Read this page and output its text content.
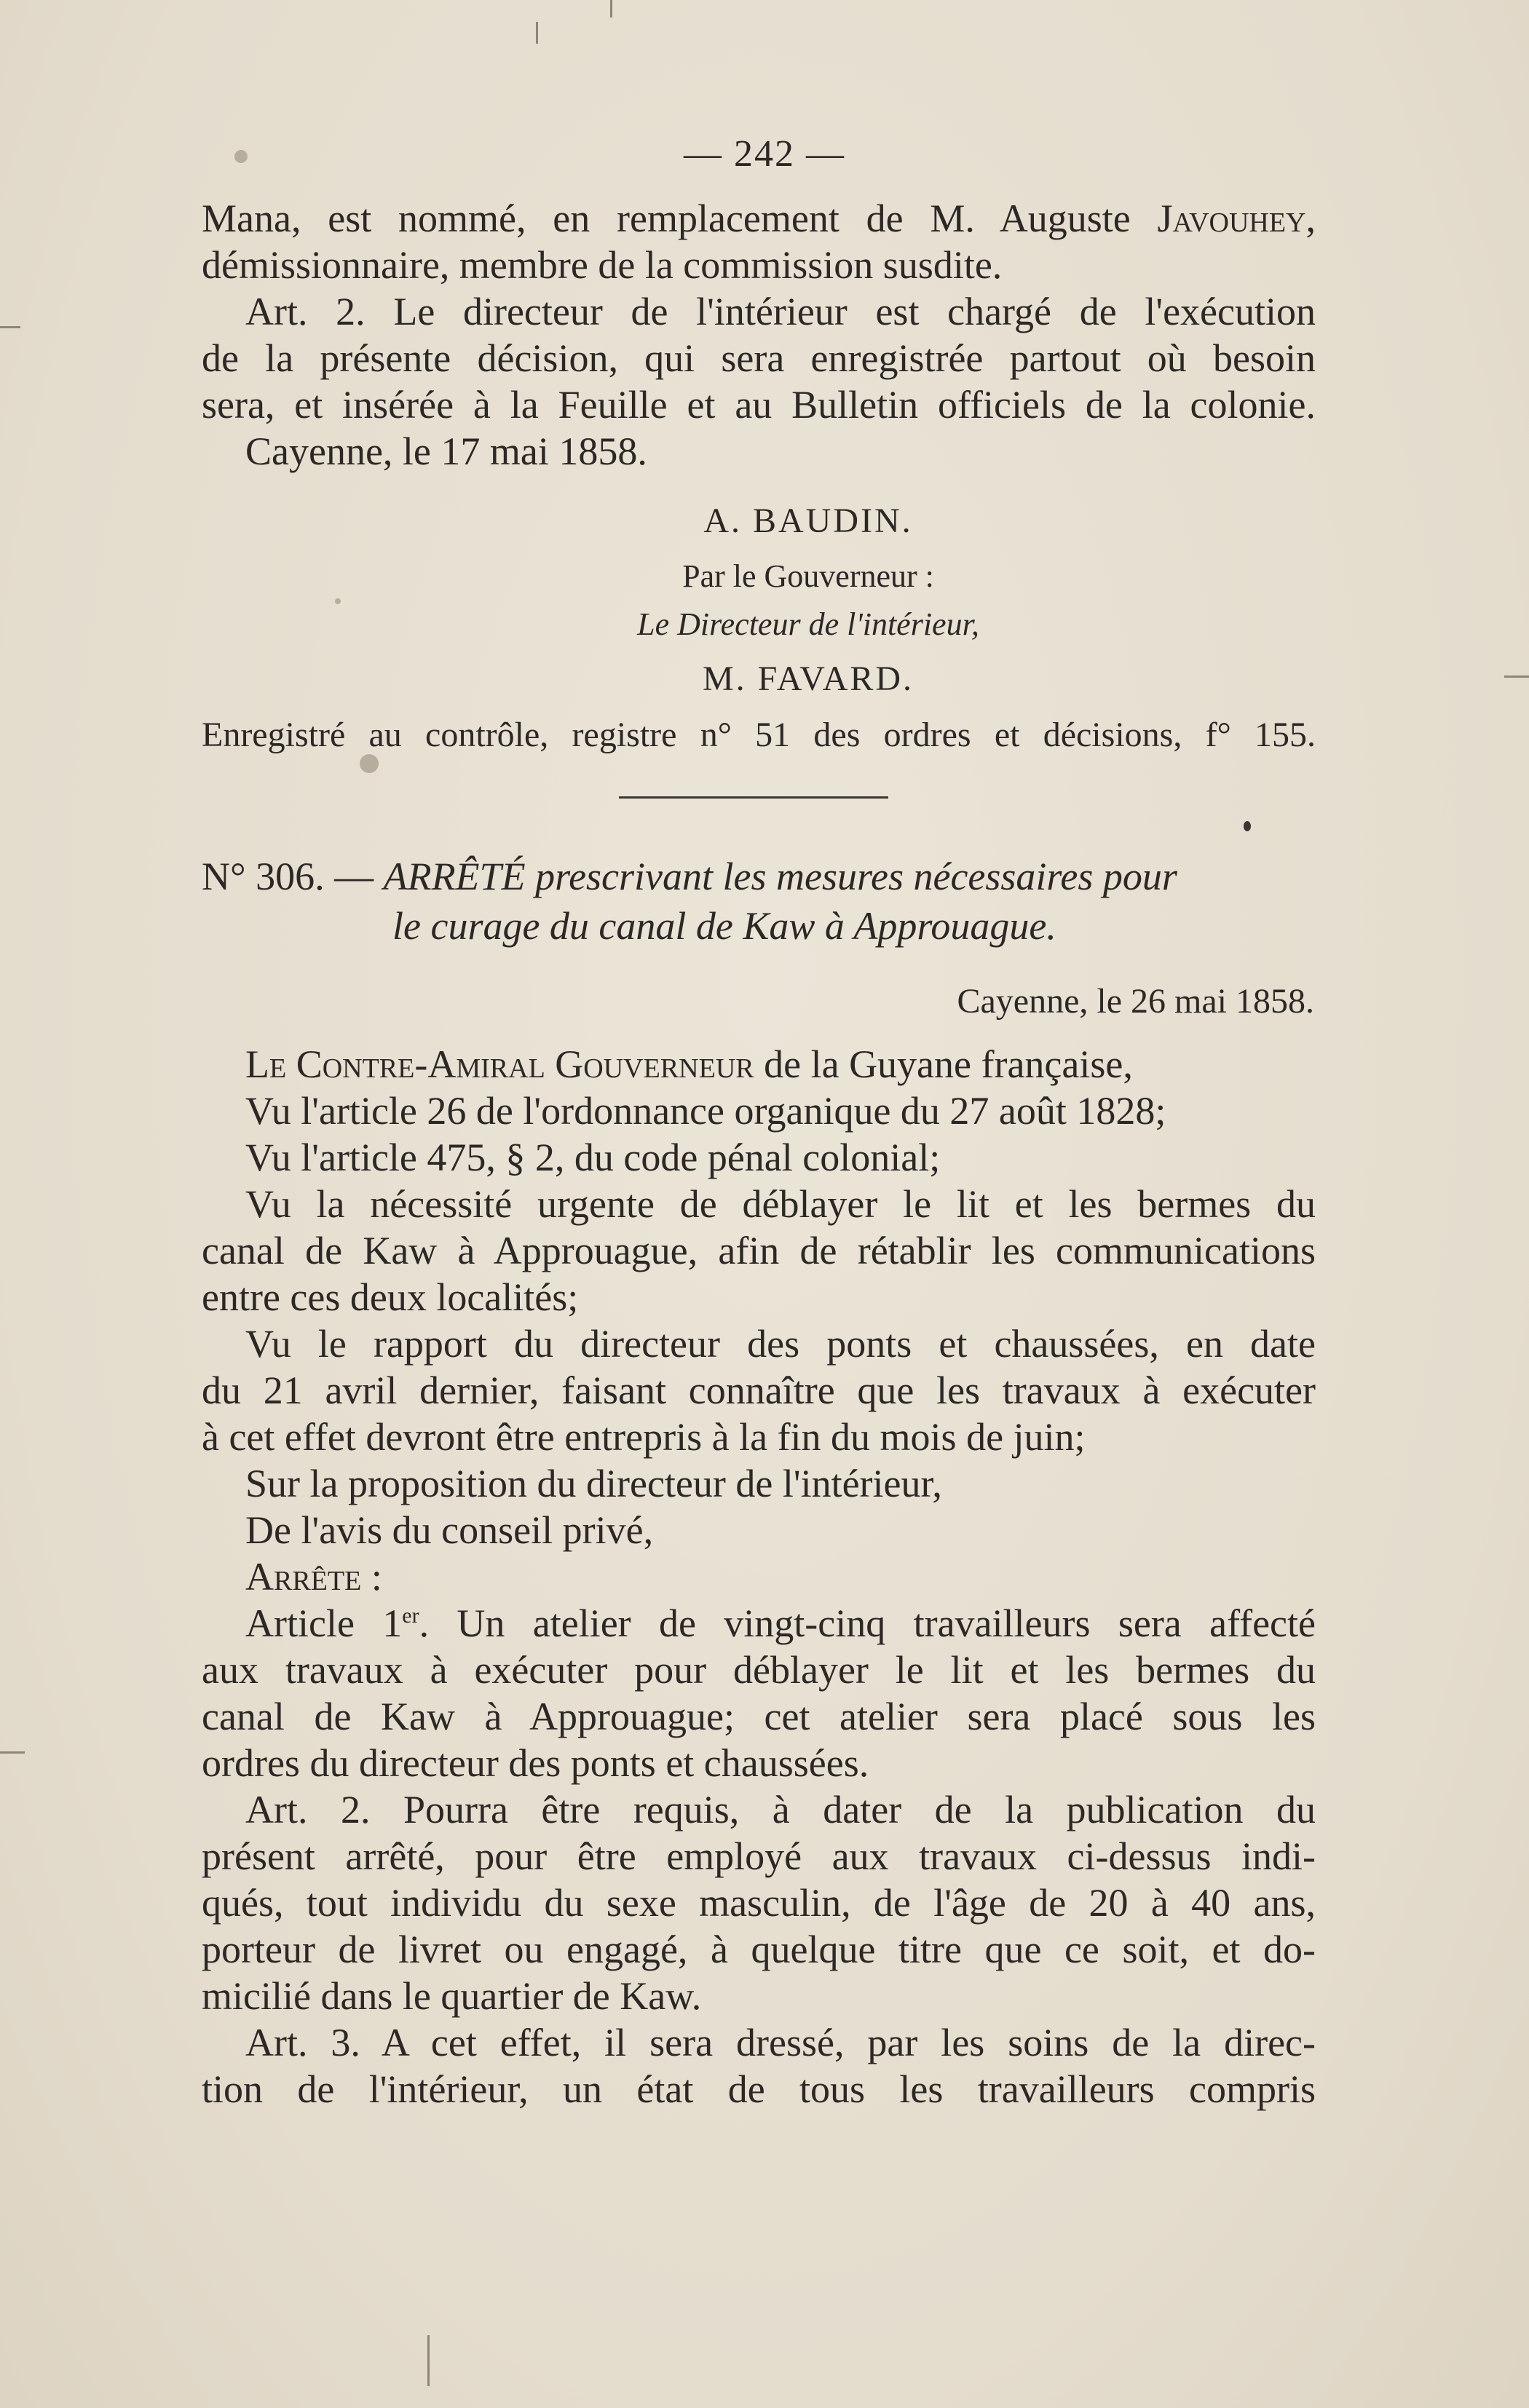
— 242 —
Mana, est nommé, en remplacement de M. Auguste Javouhey,
démissionnaire, membre de la commission susdite.
Art. 2. Le directeur de l'intérieur est chargé de l'exécution
de la présente décision, qui sera enregistrée partout où besoin
sera, et insérée à la Feuille et au Bulletin officiels de la colonie.
Cayenne, le 17 mai 1858.
A. BAUDIN.
Par le Gouverneur :
Le Directeur de l'intérieur,
M. FAVARD.
Enregistré au contrôle, registre n° 51 des ordres et décisions, f° 155.
N° 306. — ARRÊTÉ prescrivant les mesures nécessaires pour
le curage du canal de Kaw à Approuague.
Cayenne, le 26 mai 1858.
Le Contre-Amiral Gouverneur de la Guyane française,
Vu l'article 26 de l'ordonnance organique du 27 août 1828;
Vu l'article 475, § 2, du code pénal colonial;
Vu la nécessité urgente de déblayer le lit et les bermes du
canal de Kaw à Approuague, afin de rétablir les communications
entre ces deux localités;
Vu le rapport du directeur des ponts et chaussées, en date
du 21 avril dernier, faisant connaître que les travaux à exécuter
à cet effet devront être entrepris à la fin du mois de juin;
Sur la proposition du directeur de l'intérieur,
De l'avis du conseil privé,
Arrête :
Article 1er. Un atelier de vingt-cinq travailleurs sera affecté
aux travaux à exécuter pour déblayer le lit et les bermes du
canal de Kaw à Approuague; cet atelier sera placé sous les
ordres du directeur des ponts et chaussées.
Art. 2. Pourra être requis, à dater de la publication du
présent arrêté, pour être employé aux travaux ci-dessus indi-
qués, tout individu du sexe masculin, de l'âge de 20 à 40 ans,
porteur de livret ou engagé, à quelque titre que ce soit, et do-
micilié dans le quartier de Kaw.
Art. 3. A cet effet, il sera dressé, par les soins de la direc-
tion de l'intérieur, un état de tous les travailleurs compris
